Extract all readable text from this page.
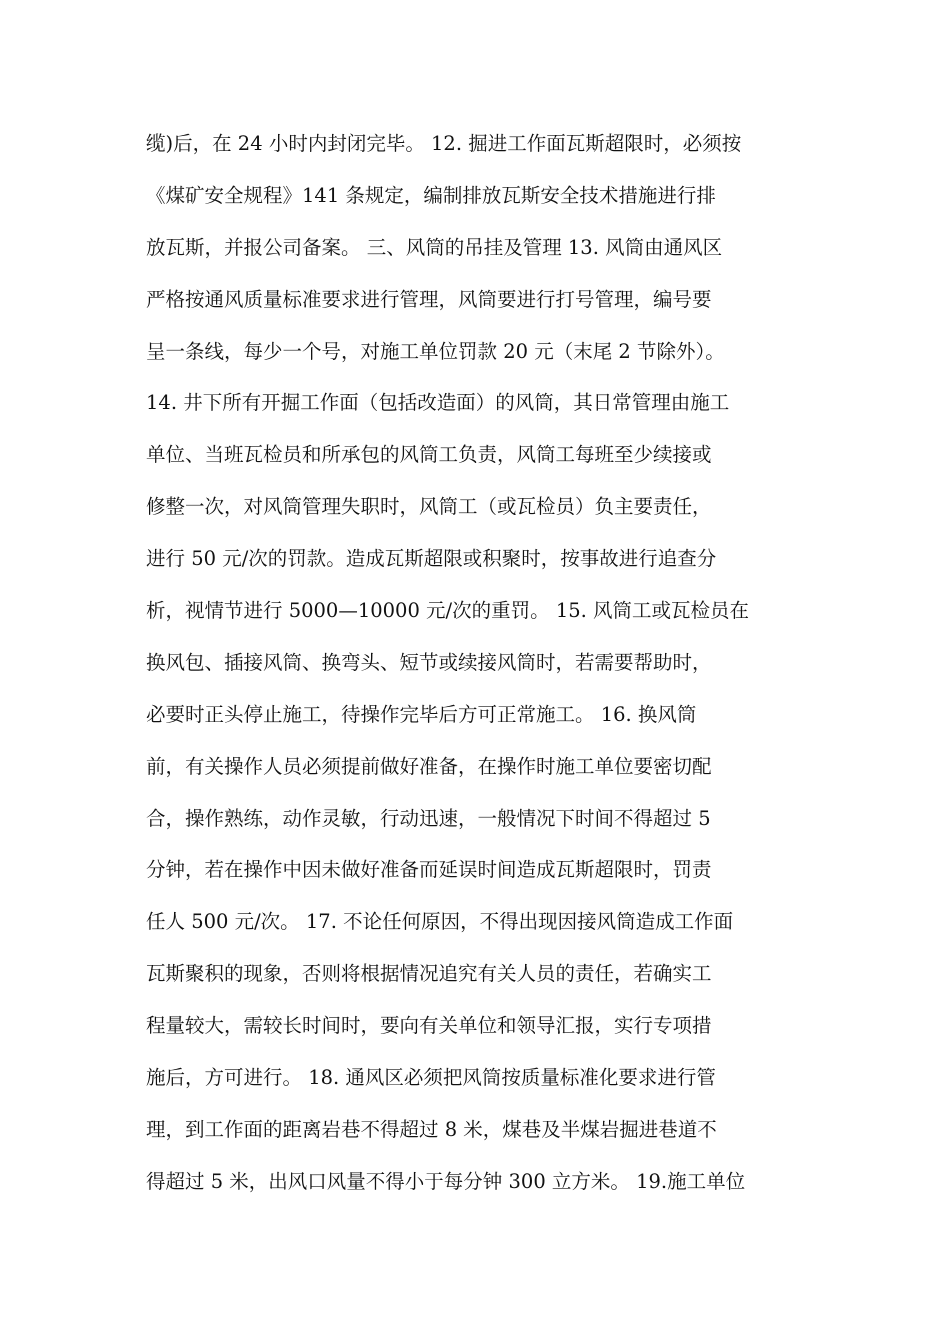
缆)后，在 24 小时内封闭完毕。 12. 掘进工作面瓦斯超限时，必须按
《煤矿安全规程》141 条规定，编制排放瓦斯安全技术措施进行排
放瓦斯，并报公司备案。 三、风筒的吊挂及管理 13. 风筒由通风区
严格按通风质量标准要求进行管理，风筒要进行打号管理，编号要
呈一条线，每少一个号，对施工单位罚款 20 元（末尾 2 节除外）。
14. 井下所有开掘工作面（包括改造面）的风筒，其日常管理由施工
单位、当班瓦检员和所承包的风筒工负责，风筒工每班至少续接或
修整一次，对风筒管理失职时，风筒工（或瓦检员）负主要责任，
进行 50 元/次的罚款。造成瓦斯超限或积聚时，按事故进行追查分
析，视情节进行 5000—10000 元/次的重罚。 15. 风筒工或瓦检员在
换风包、插接风筒、换弯头、短节或续接风筒时，若需要帮助时，
必要时正头停止施工，待操作完毕后方可正常施工。 16. 换风筒
前，有关操作人员必须提前做好准备，在操作时施工单位要密切配
合，操作熟练，动作灵敏，行动迅速，一般情况下时间不得超过 5
分钟，若在操作中因未做好准备而延误时间造成瓦斯超限时，罚责
任人 500 元/次。 17. 不论任何原因，不得出现因接风筒造成工作面
瓦斯聚积的现象，否则将根据情况追究有关人员的责任，若确实工
程量较大，需较长时间时，要向有关单位和领导汇报，实行专项措
施后，方可进行。 18. 通风区必须把风筒按质量标准化要求进行管
理，到工作面的距离岩巷不得超过 8 米，煤巷及半煤岩掘进巷道不
得超过 5 米，出风口风量不得小于每分钟 300 立方米。 19.施工单位
